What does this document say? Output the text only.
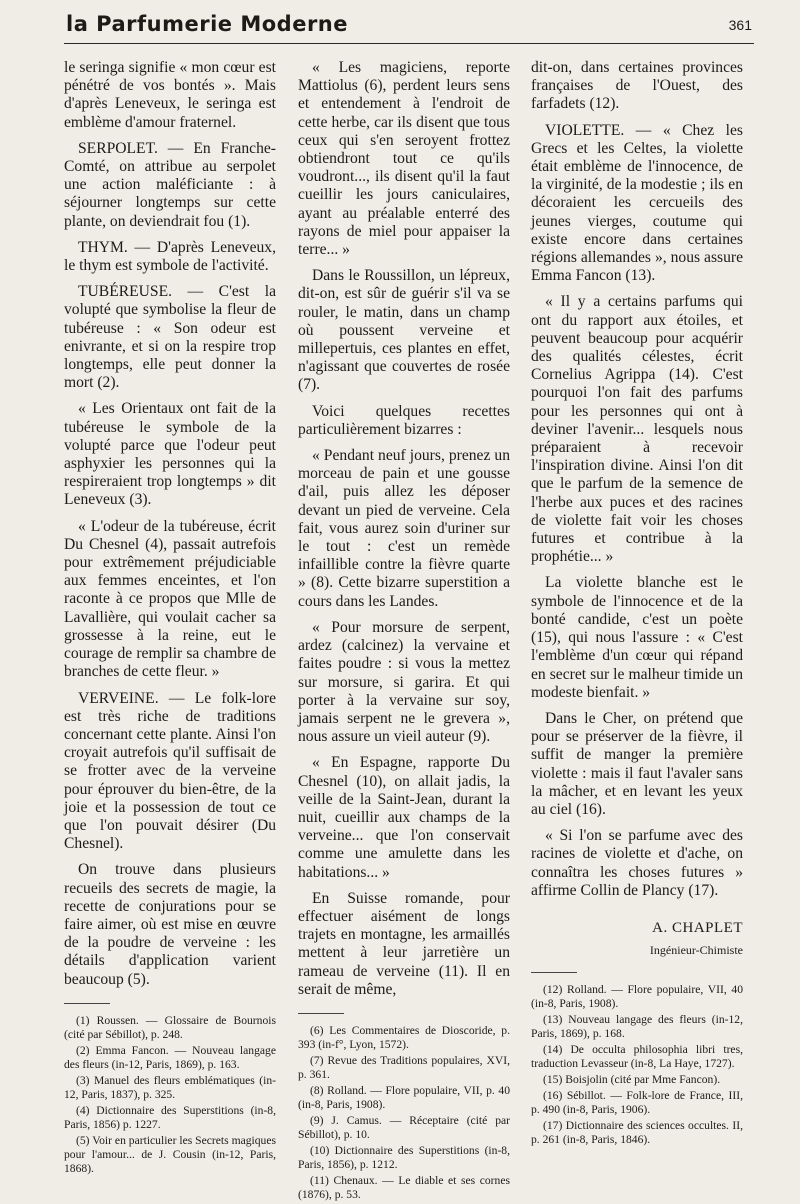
la Parfumerie Moderne	361

le seringa signifie « mon cœur est pénétré de vos bontés ». Mais d'après Leneveux, le seringa est emblème d'amour fraternel.

SERPOLET. — En Franche-Comté, on attribue au serpolet une action maléficiante : à séjourner longtemps sur cette plante, on deviendrait fou (1).

THYM. — D'après Leneveux, le thym est symbole de l'activité.

TUBÉREUSE. — C'est la volupté que symbolise la fleur de tubéreuse : « Son odeur est enivrante, et si on la respire trop longtemps, elle peut donner la mort (2).

« Les Orientaux ont fait de la tubéreuse le symbole de la volupté parce que l'odeur peut asphyxier les personnes qui la respireraient trop longtemps » dit Leneveux (3).

« L'odeur de la tubéreuse, écrit Du Chesnel (4), passait autrefois pour extrêmement préjudiciable aux femmes enceintes, et l'on raconte à ce propos que Mlle de Lavallière, qui voulait cacher sa grossesse à la reine, eut le courage de remplir sa chambre de branches de cette fleur. »

VERVEINE. — Le folk-lore est très riche de traditions concernant cette plante. Ainsi l'on croyait autrefois qu'il suffisait de se frotter avec de la verveine pour éprouver du bien-être, de la joie et la possession de tout ce que l'on pouvait désirer (Du Chesnel).

On trouve dans plusieurs recueils des secrets de magie, la recette de conjurations pour se faire aimer, où est mise en œuvre de la poudre de verveine : les détails d'application varient beaucoup (5).

(1) Roussen. — Glossaire de Bournois (cité par Sébillot), p. 248.

(2) Emma Fancon. — Nouveau langage des fleurs (in-12, Paris, 1869), p. 163.

(3) Manuel des fleurs emblématiques (in-12, Paris, 1837), p. 325.

(4) Dictionnaire des Superstitions (in-8, Paris, 1856) p. 1227.

(5) Voir en particulier les Secrets magiques pour l'amour... de J. Cousin (in-12, Paris, 1868).

« Les magiciens, reporte Mattiolus (6), perdent leurs sens et entendement à l'endroit de cette herbe, car ils disent que tous ceux qui s'en seroyent frottez obtiendront tout ce qu'ils voudront..., ils disent qu'il la faut cueillir les jours caniculaires, ayant au préalable enterré des rayons de miel pour appaiser la terre... »

Dans le Roussillon, un lépreux, dit-on, est sûr de guérir s'il va se rouler, le matin, dans un champ où poussent verveine et millepertuis, ces plantes en effet, n'agissant que couvertes de rosée (7).

Voici quelques recettes particulièrement bizarres :

« Pendant neuf jours, prenez un morceau de pain et une gousse d'ail, puis allez les déposer devant un pied de verveine. Cela fait, vous aurez soin d'uriner sur le tout : c'est un remède infaillible contre la fièvre quarte » (8). Cette bizarre superstition a cours dans les Landes.

« Pour morsure de serpent, ardez (calcinez) la vervaine et faites poudre : si vous la mettez sur morsure, si garira. Et qui porter à la vervaine sur soy, jamais serpent ne le grevera », nous assure un vieil auteur (9).

« En Espagne, rapporte Du Chesnel (10), on allait jadis, la veille de la Saint-Jean, durant la nuit, cueillir aux champs de la verveine... que l'on conservait comme une amulette dans les habitations... »

En Suisse romande, pour effectuer aisément de longs trajets en montagne, les armaillés mettent à leur jarretière un rameau de verveine (11). Il en serait de même,

(6) Les Commentaires de Dioscoride, p. 393 (in-f°, Lyon, 1572).

(7) Revue des Traditions populaires, XVI, p. 361.

(8) Rolland. — Flore populaire, VII, p. 40 (in-8, Paris, 1908).

(9) J. Camus. — Réceptaire (cité par Sébillot), p. 10.

(10) Dictionnaire des Superstitions (in-8, Paris, 1856), p. 1212.

(11) Chenaux. — Le diable et ses cornes (1876), p. 53.

dit-on, dans certaines provinces françaises de l'Ouest, des farfadets (12).

VIOLETTE. — « Chez les Grecs et les Celtes, la violette était emblème de l'innocence, de la virginité, de la modestie ; ils en décoraient les cercueils des jeunes vierges, coutume qui existe encore dans certaines régions allemandes », nous assure Emma Fancon (13).

« Il y a certains parfums qui ont du rapport aux étoiles, et peuvent beaucoup pour acquérir des qualités célestes, écrit Cornelius Agrippa (14). C'est pourquoi l'on fait des parfums pour les personnes qui ont à deviner l'avenir... lesquels nous préparaient à recevoir l'inspiration divine. Ainsi l'on dit que le parfum de la semence de l'herbe aux puces et des racines de violette fait voir les choses futures et contribue à la prophétie... »

La violette blanche est le symbole de l'innocence et de la bonté candide, c'est un poète (15), qui nous l'assure : « C'est l'emblème d'un cœur qui répand en secret sur le malheur timide un modeste bienfait. »

Dans le Cher, on prétend que pour se préserver de la fièvre, il suffit de manger la première violette : mais il faut l'avaler sans la mâcher, et en levant les yeux au ciel (16).

« Si l'on se parfume avec des racines de violette et d'ache, on connaîtra les choses futures » affirme Collin de Plancy (17).

A. CHAPLET
Ingénieur-Chimiste

(12) Rolland. — Flore populaire, VII, 40 (in-8, Paris, 1908).

(13) Nouveau langage des fleurs (in-12, Paris, 1869), p. 168.

(14) De occulta philosophia libri tres, traduction Levasseur (in-8, La Haye, 1727).

(15) Boisjolin (cité par Mme Fancon).

(16) Sébillot. — Folk-lore de France, III, p. 490 (in-8, Paris, 1906).

(17) Dictionnaire des sciences occultes. II, p. 261 (in-8, Paris, 1846).
